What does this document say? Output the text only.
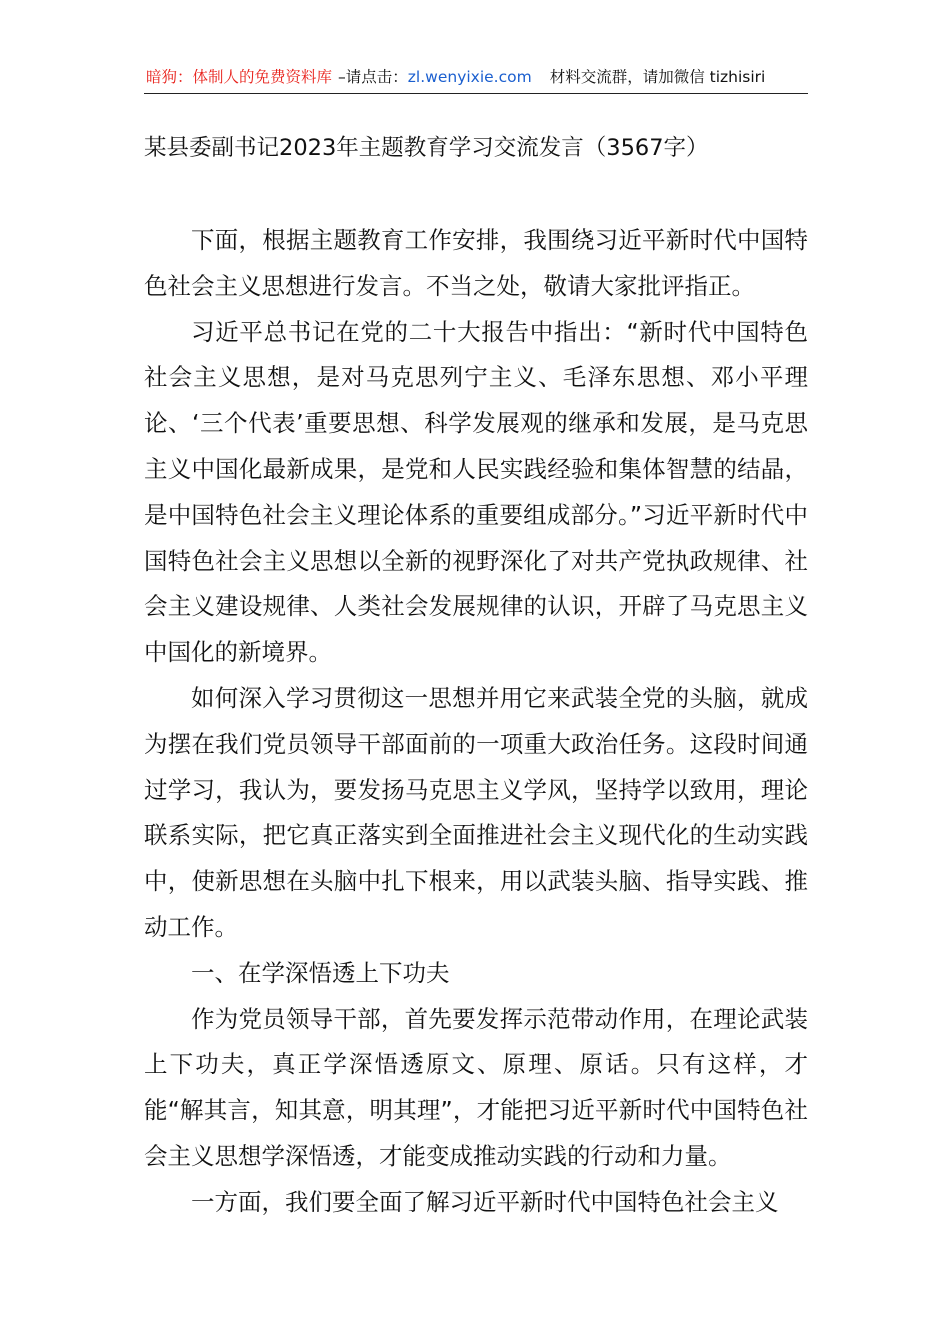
暗狗：体制人的免费资料库 –请点击： zl.wenyixie.com 材料交流群，请加微信 tizhisiri
某县委副书记2023年主题教育学习交流发言（3567字）

下面，根据主题教育工作安排，我围绕习近平新时代中国特色社会主义思想进行发言。不当之处，敬请大家批评指正。

习近平总书记在党的二十大报告中指出：“新时代中国特色社会主义思想，是对马克思列宁主义、毛泽东思想、邓小平理论、‘三个代表’重要思想、科学发展观的继承和发展，是马克思主义中国化最新成果，是党和人民实践经验和集体智慧的结晶，是中国特色社会主义理论体系的重要组成部分。”习近平新时代中国特色社会主义思想以全新的视野深化了对共产党执政规律、社会主义建设规律、人类社会发展规律的认识，开辟了马克思主义中国化的新境界。

如何深入学习贯彻这一思想并用它来武装全党的头脑，就成为摆在我们党员领导干部面前的一项重大政治任务。这段时间通过学习，我认为，要发扬马克思主义学风，坚持学以致用，理论联系实际，把它真正落实到全面推进社会主义现代化的生动实践中，使新思想在头脑中扎下根来，用以武装头脑、指导实践、推动工作。

一、在学深悟透上下功夫

作为党员领导干部，首先要发挥示范带动作用，在理论武装上下功夫，真正学深悟透原文、原理、原话。只有这样，才能“解其言，知其意，明其理”，才能把习近平新时代中国特色社会主义思想学深悟透，才能变成推动实践的行动和力量。

一方面，我们要全面了解习近平新时代中国特色社会主义
